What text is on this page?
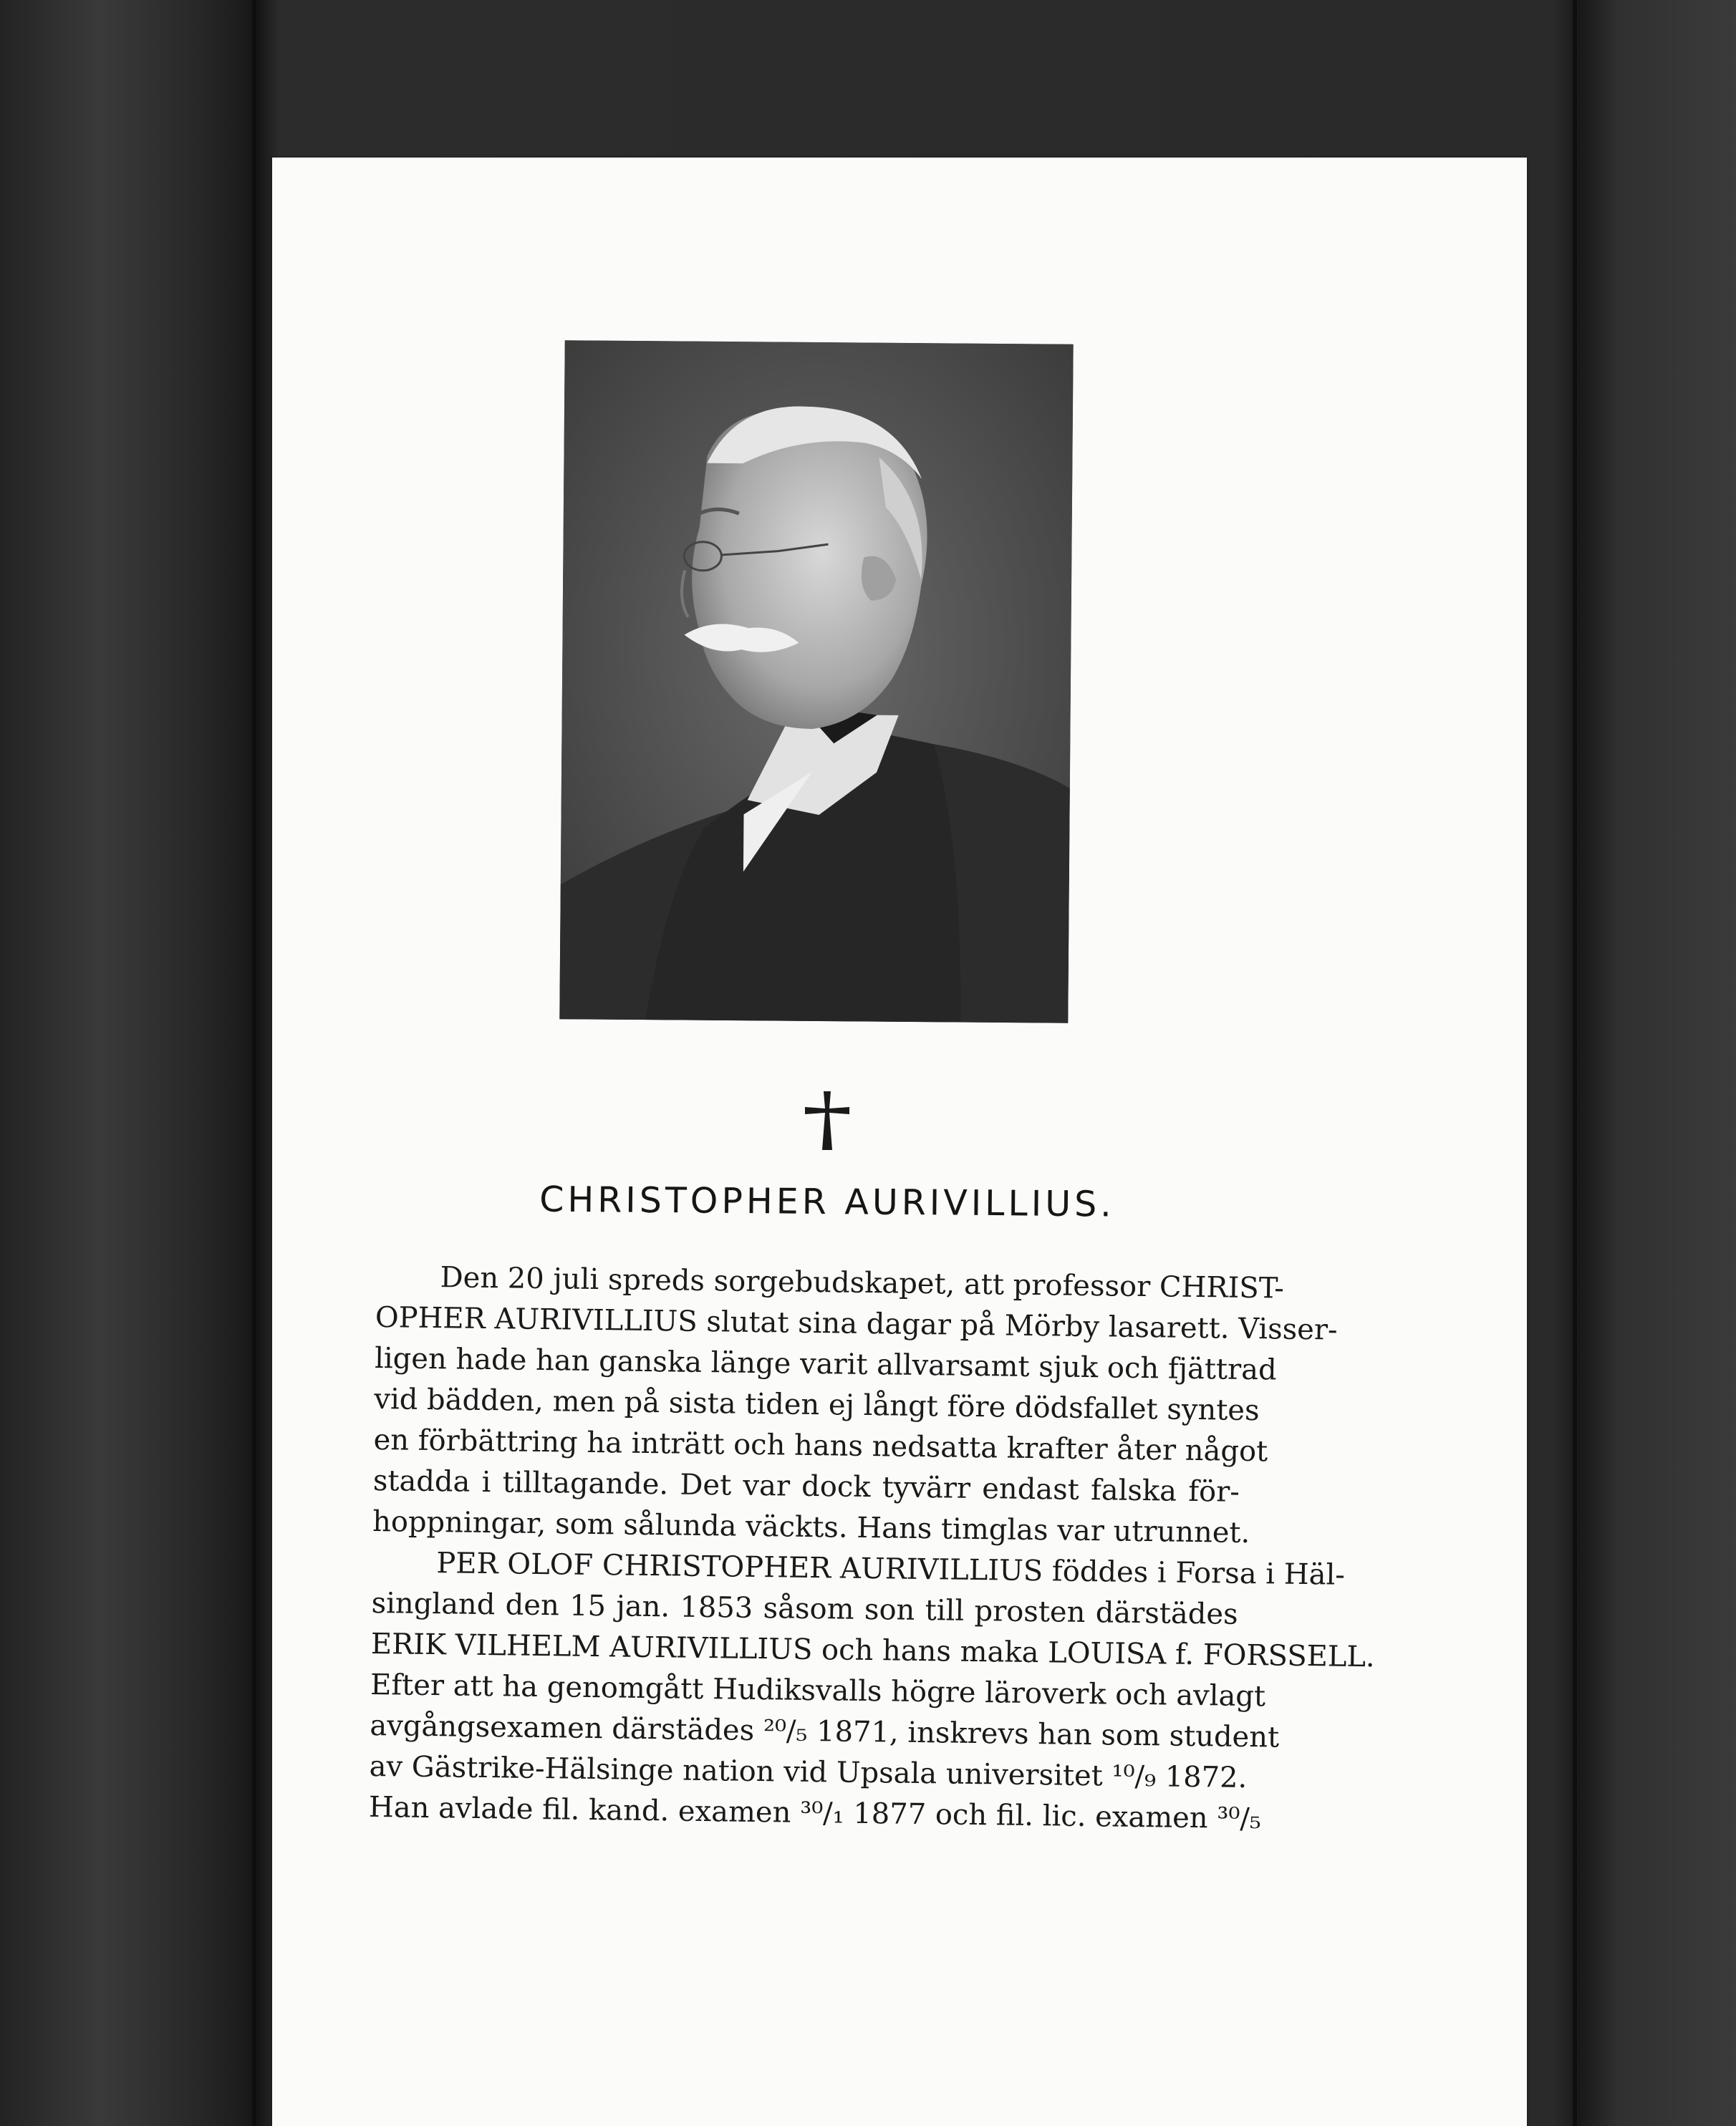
CHRISTOPHER AURIVILLIUS.
Den 20 juli spreds sorgebudskapet, att professor CHRIST-
OPHER AURIVILLIUS slutat sina dagar på Mörby lasarett. Visser-
ligen hade han ganska länge varit allvarsamt sjuk och fjättrad
vid bädden, men på sista tiden ej långt före dödsfallet syntes
en förbättring ha inträtt och hans nedsatta krafter åter något
stadda i tilltagande. Det var dock tyvärr endast falska för-
hoppningar, som sålunda väckts. Hans timglas var utrunnet.
PER OLOF CHRISTOPHER AURIVILLIUS föddes i Forsa i Häl-
singland den 15 jan. 1853 såsom son till prosten därstädes
ERIK VILHELM AURIVILLIUS och hans maka LOUISA f. FORSSELL.
Efter att ha genomgått Hudiksvalls högre läroverk och avlagt
avgångsexamen därstädes ²⁰/₅ 1871, inskrevs han som student
av Gästrike-Hälsinge nation vid Upsala universitet ¹⁰/₉ 1872.
Han avlade fil. kand. examen ³⁰/₁ 1877 och fil. lic. examen ³⁰/₅
